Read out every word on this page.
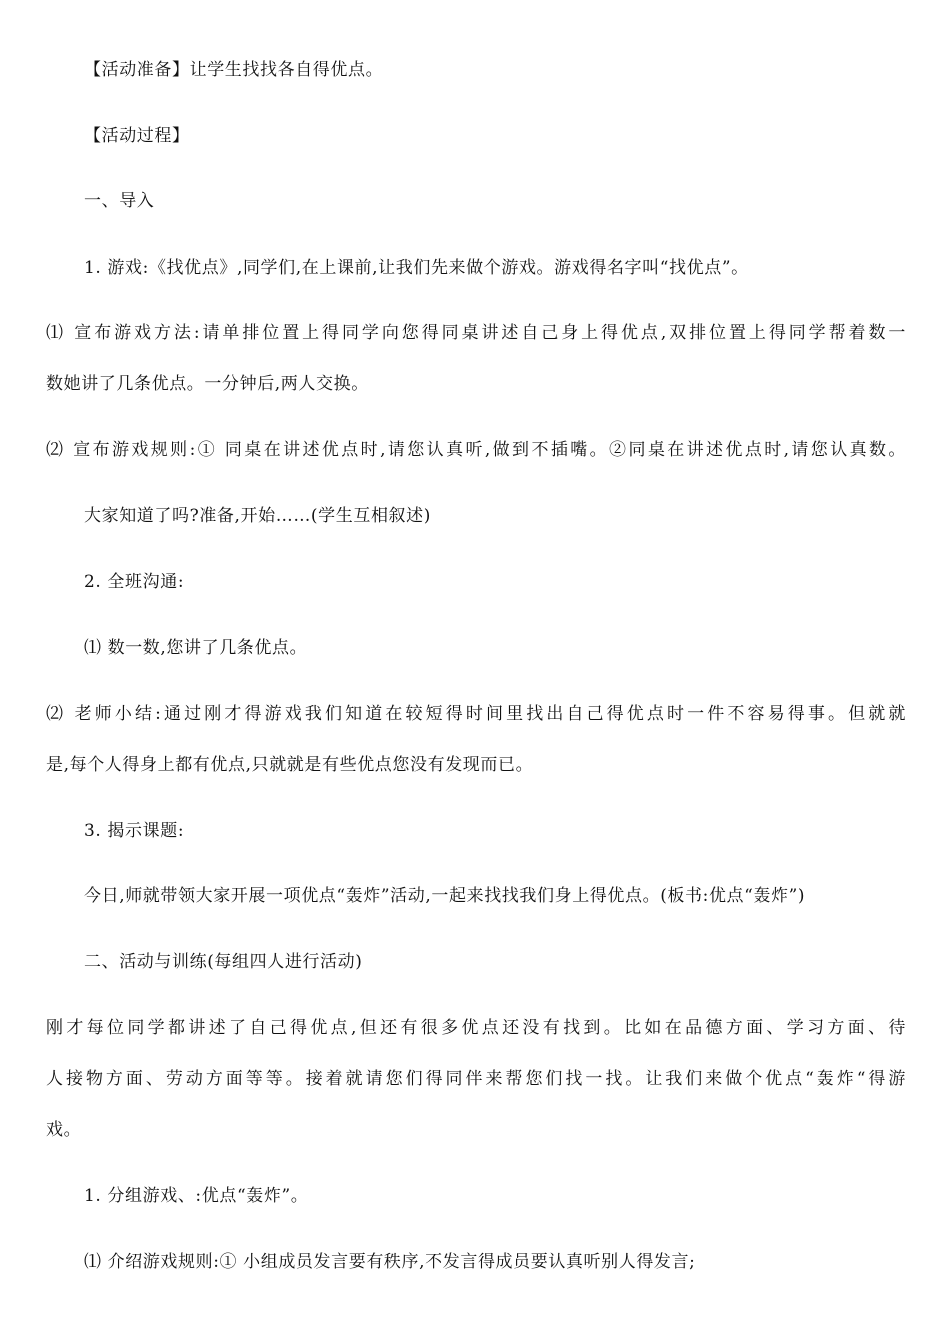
【活动准备】让学生找找各自得优点。
【活动过程】
一、导入
1. 游戏:《找优点》,同学们,在上课前,让我们先来做个游戏。游戏得名字叫“找优点”。
⑴ 宣布游戏方法:请单排位置上得同学向您得同桌讲述自己身上得优点,双排位置上得同学帮着数一
数她讲了几条优点。一分钟后,两人交换。
⑵ 宣布游戏规则:① 同桌在讲述优点时,请您认真听,做到不插嘴。②同桌在讲述优点时,请您认真数。
大家知道了吗?准备,开始……(学生互相叙述)
2. 全班沟通:
⑴ 数一数,您讲了几条优点。
⑵ 老师小结:通过刚才得游戏我们知道在较短得时间里找出自己得优点时一件不容易得事。但就就
是,每个人得身上都有优点,只就就是有些优点您没有发现而已。
3. 揭示课题:
今日,师就带领大家开展一项优点“轰炸”活动,一起来找找我们身上得优点。(板书:优点“轰炸”)
二、活动与训练(每组四人进行活动)
刚才每位同学都讲述了自己得优点,但还有很多优点还没有找到。比如在品德方面、学习方面、待
人接物方面、劳动方面等等。接着就请您们得同伴来帮您们找一找。让我们来做个优点“轰炸“得游
戏。
1. 分组游戏、:优点“轰炸”。
⑴ 介绍游戏规则:① 小组成员发言要有秩序,不发言得成员要认真听别人得发言;
